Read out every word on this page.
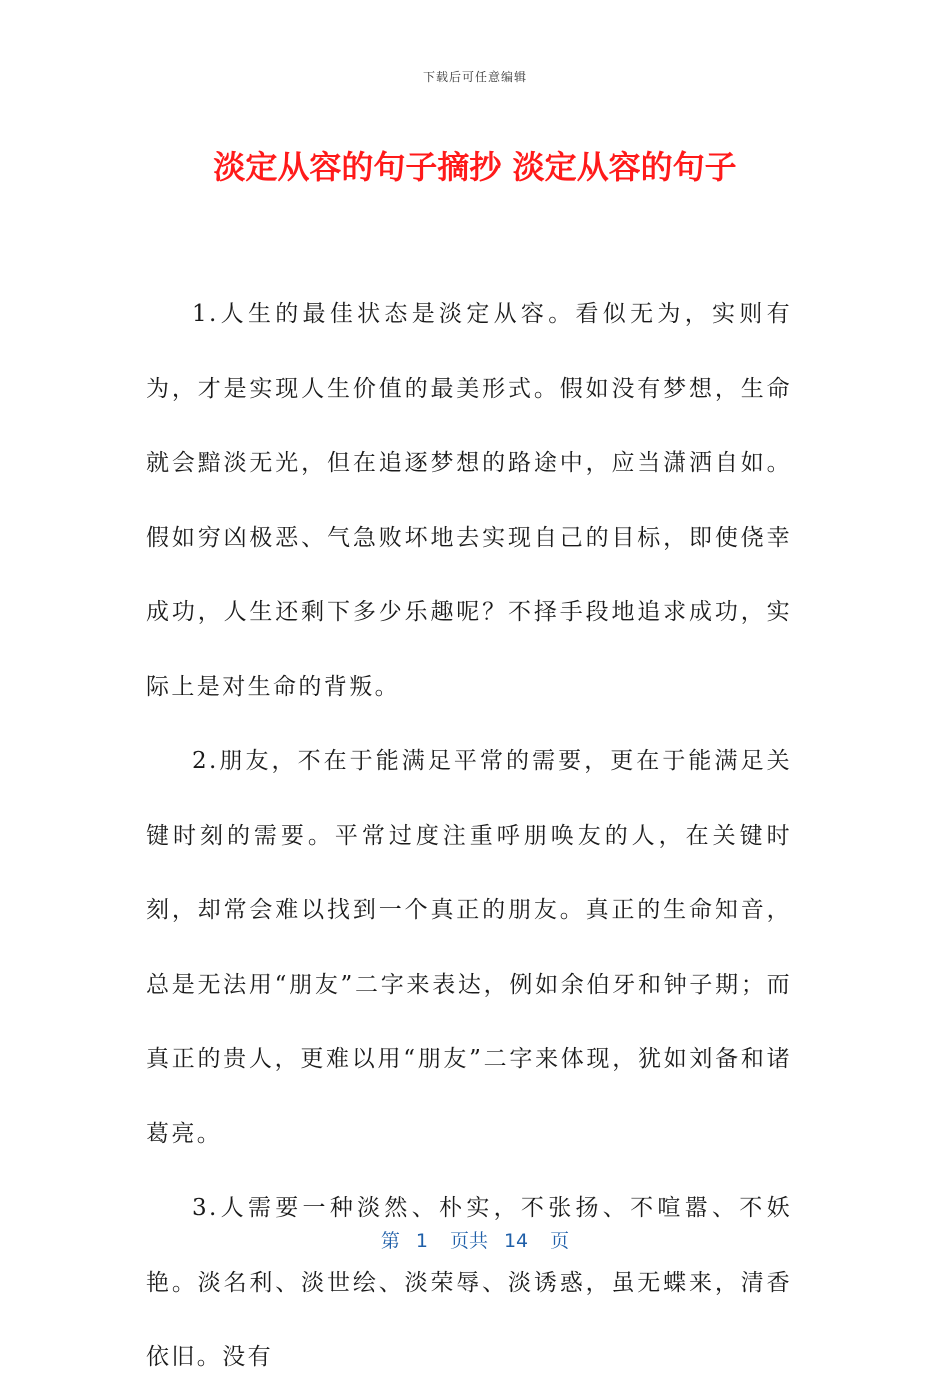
下载后可任意编辑
淡定从容的句子摘抄 淡定从容的句子

1.人生的最佳状态是淡定从容。看似无为，实则有为，才是实现人生价值的最美形式。假如没有梦想，生命就会黯淡无光，但在追逐梦想的路途中，应当潇洒自如。假如穷凶极恶、气急败坏地去实现自己的目标，即使侥幸成功，人生还剩下多少乐趣呢？不择手段地追求成功，实际上是对生命的背叛。

2.朋友，不在于能满足平常的需要，更在于能满足关键时刻的需要。平常过度注重呼朋唤友的人，在关键时刻，却常会难以找到一个真正的朋友。真正的生命知音，总是无法用“朋友”二字来表达，例如余伯牙和钟子期；而真正的贵人，更难以用“朋友”二字来体现，犹如刘备和诸葛亮。

3.人需要一种淡然、朴实，不张扬、不喧嚣、不妖艳。淡名利、淡世绘、淡荣辱、淡诱惑，虽无蝶来，清香依旧。没有

第 1 页共 14 页
